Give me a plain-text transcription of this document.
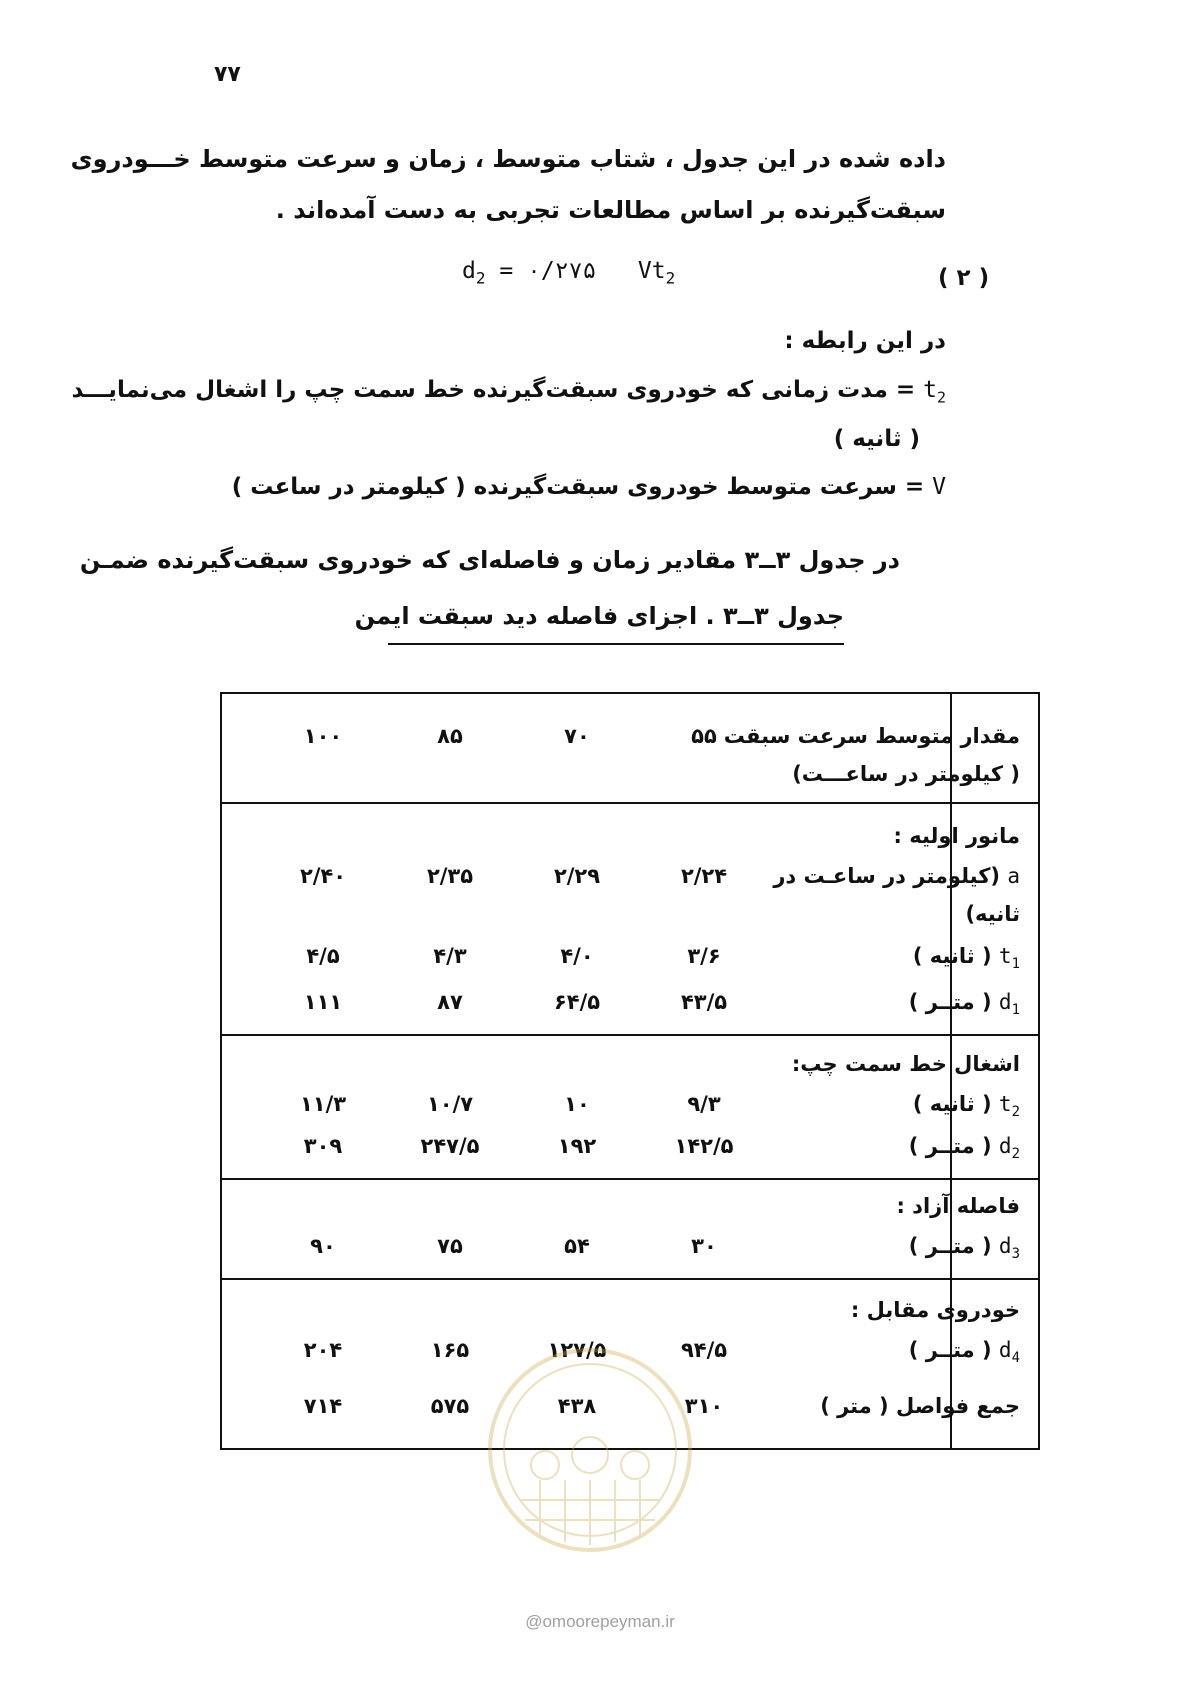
۷۷
داده شده در این جدول ، شتاب متوسط ، زمان و سرعت متوسط خـــودروی
سبقت‌گیرنده بر اساس مطالعات تجربی به دست آمده‌اند .
$d_2$ = ۰/۲۷۵ $Vt_2$	( ۲ )
در این رابطه :
$t_2$ = مدت زمانی که خودروی سبقت‌گیرنده خط سمت چپ را اشغال می‌نمایـــد
( ثانیه )
V = سرعت متوسط خودروی سبقت‌گیرنده ( کیلومتر در ساعت )
در جدول ۳ــ۳ مقادیر زمان و فاصله‌ای که خودروی سبقت‌گیرنده ضمـن
جدول ۳ــ۳ . اجزای فاصله دید سبقت ایمن
مقدار متوسط سرعت سبقت
( کیلومتر در ساعـــت)
۵۵
۷۰
۸۵
۱۰۰
مانور اولیه :
a (کیلومتر در ساعـت در
ثانیه)
۲/۲۴
۲/۲۹
۲/۳۵
۲/۴۰
$t_1$ ( ثانیه )
۳/۶
۴/۰
۴/۳
۴/۵
$d_1$ ( متــر )
۴۳/۵
۶۴/۵
۸۷
۱۱۱
اشغال خط سمت چپ:
$t_2$ ( ثانیه )
۹/۳
۱۰
۱۰/۷
۱۱/۳
$d_2$ ( متــر )
۱۴۲/۵
۱۹۲
۲۴۷/۵
۳۰۹
فاصله آزاد :
$d_3$ ( متــر )
۳۰
۵۴
۷۵
۹۰
خودروی مقابل :
$d_4$ ( متــر )
۹۴/۵
۱۲۷/۵
۱۶۵
۲۰۴
جمع فواصل ( متر )
۳۱۰
۴۳۸
۵۷۵
۷۱۴
@omoorepeyman.ir
